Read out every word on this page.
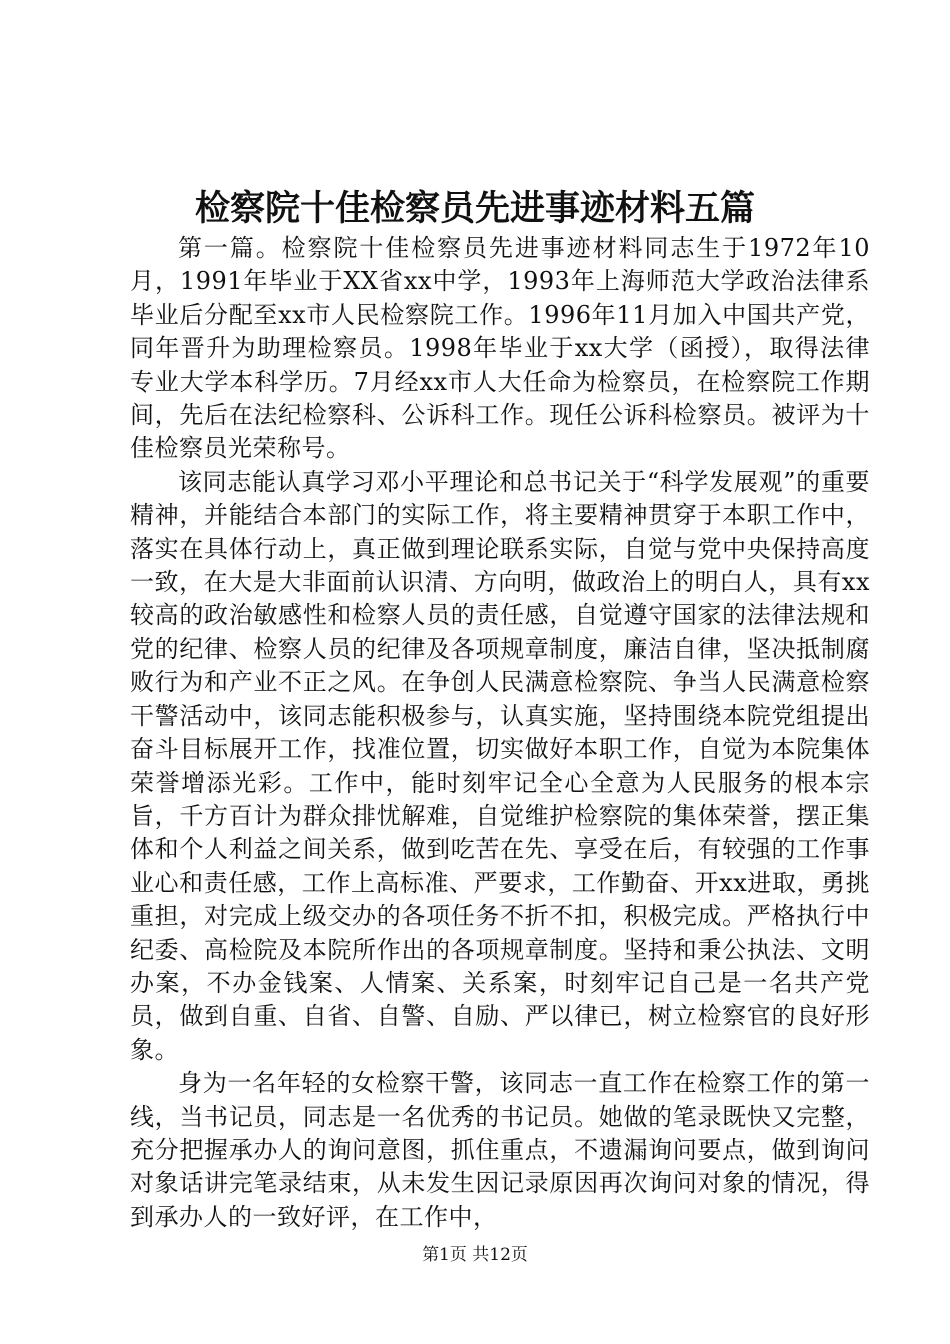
检察院十佳检察员先进事迹材料五篇

第一篇。检察院十佳检察员先进事迹材料同志生于1972年10月，1991年毕业于XX省xx中学，1993年上海师范大学政治法律系毕业后分配至xx市人民检察院工作。1996年11月加入中国共产党，同年晋升为助理检察员。1998年毕业于xx大学（函授），取得法律专业大学本科学历。7月经xx市人大任命为检察员，在检察院工作期间，先后在法纪检察科、公诉科工作。现任公诉科检察员。被评为十佳检察员光荣称号。

该同志能认真学习邓小平理论和总书记关于“科学发展观”的重要精神，并能结合本部门的实际工作，将主要精神贯穿于本职工作中，落实在具体行动上，真正做到理论联系实际，自觉与党中央保持高度一致，在大是大非面前认识清、方向明，做政治上的明白人，具有xx较高的政治敏感性和检察人员的责任感，自觉遵守国家的法律法规和党的纪律、检察人员的纪律及各项规章制度，廉洁自律，坚决抵制腐败行为和产业不正之风。在争创人民满意检察院、争当人民满意检察干警活动中，该同志能积极参与，认真实施，坚持围绕本院党组提出奋斗目标展开工作，找准位置，切实做好本职工作，自觉为本院集体荣誉增添光彩。工作中，能时刻牢记全心全意为人民服务的根本宗旨，千方百计为群众排忧解难，自觉维护检察院的集体荣誉，摆正集体和个人利益之间关系，做到吃苦在先、享受在后，有较强的工作事业心和责任感，工作上高标准、严要求，工作勤奋、开xx进取，勇挑重担，对完成上级交办的各项任务不折不扣，积极完成。严格执行中纪委、高检院及本院所作出的各项规章制度。坚持和秉公执法、文明办案，不办金钱案、人情案、关系案，时刻牢记自己是一名共产党员，做到自重、自省、自警、自励、严以律已，树立检察官的良好形象。

身为一名年轻的女检察干警，该同志一直工作在检察工作的第一线，当书记员，同志是一名优秀的书记员。她做的笔录既快又完整，充分把握承办人的询问意图，抓住重点，不遗漏询问要点，做到询问对象话讲完笔录结束，从未发生因记录原因再次询问对象的情况，得到承办人的一致好评，在工作中，

第1页 共12页
